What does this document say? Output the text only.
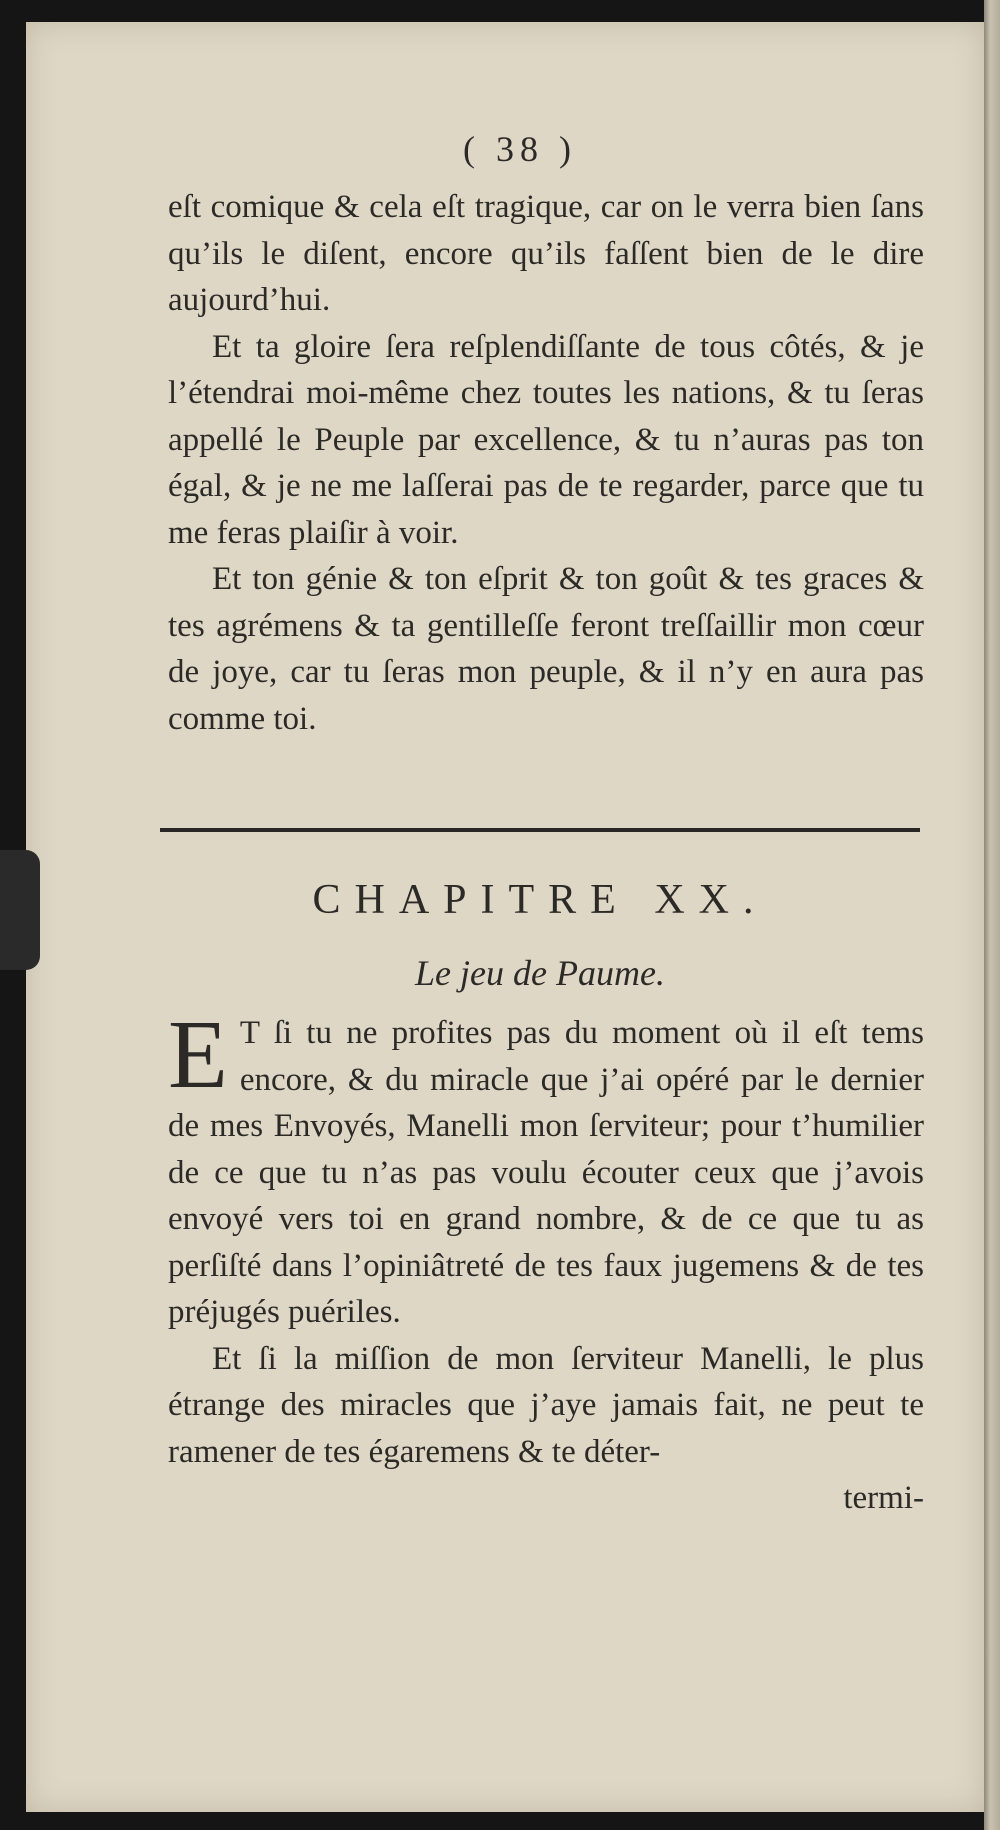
( 38 )

eſt comique & cela eſt tragique, car on le verra bien ſans qu’ils le diſent, encore qu’ils faſſent bien de le dire aujourd’hui.

Et ta gloire ſera reſplendiſſante de tous côtés, & je l’étendrai moi-même chez toutes les nations, & tu ſeras appellé le Peuple par excellence, & tu n’auras pas ton égal, & je ne me laſſerai pas de te regarder, parce que tu me feras plaiſir à voir.

Et ton génie & ton eſprit & ton goût & tes graces & tes agrémens & ta gentilleſſe feront treſſaillir mon cœur de joye, car tu ſeras mon peuple, & il n’y en aura pas comme toi.

CHAPITRE XX.
Le jeu de Paume.

E T ſi tu ne profites pas du moment où il eſt tems encore, & du miracle que j’ai opéré par le dernier de mes Envoyés, Manelli mon ſerviteur; pour t’humilier de ce que tu n’as pas voulu écouter ceux que j’avois envoyé vers toi en grand nombre, & de ce que tu as perſiſté dans l’opiniâtreté de tes faux jugemens & de tes préjugés puériles.

Et ſi la miſſion de mon ſerviteur Manelli, le plus étrange des miracles que j’aye jamais fait, ne peut te ramener de tes égaremens & te déter-

termi-
